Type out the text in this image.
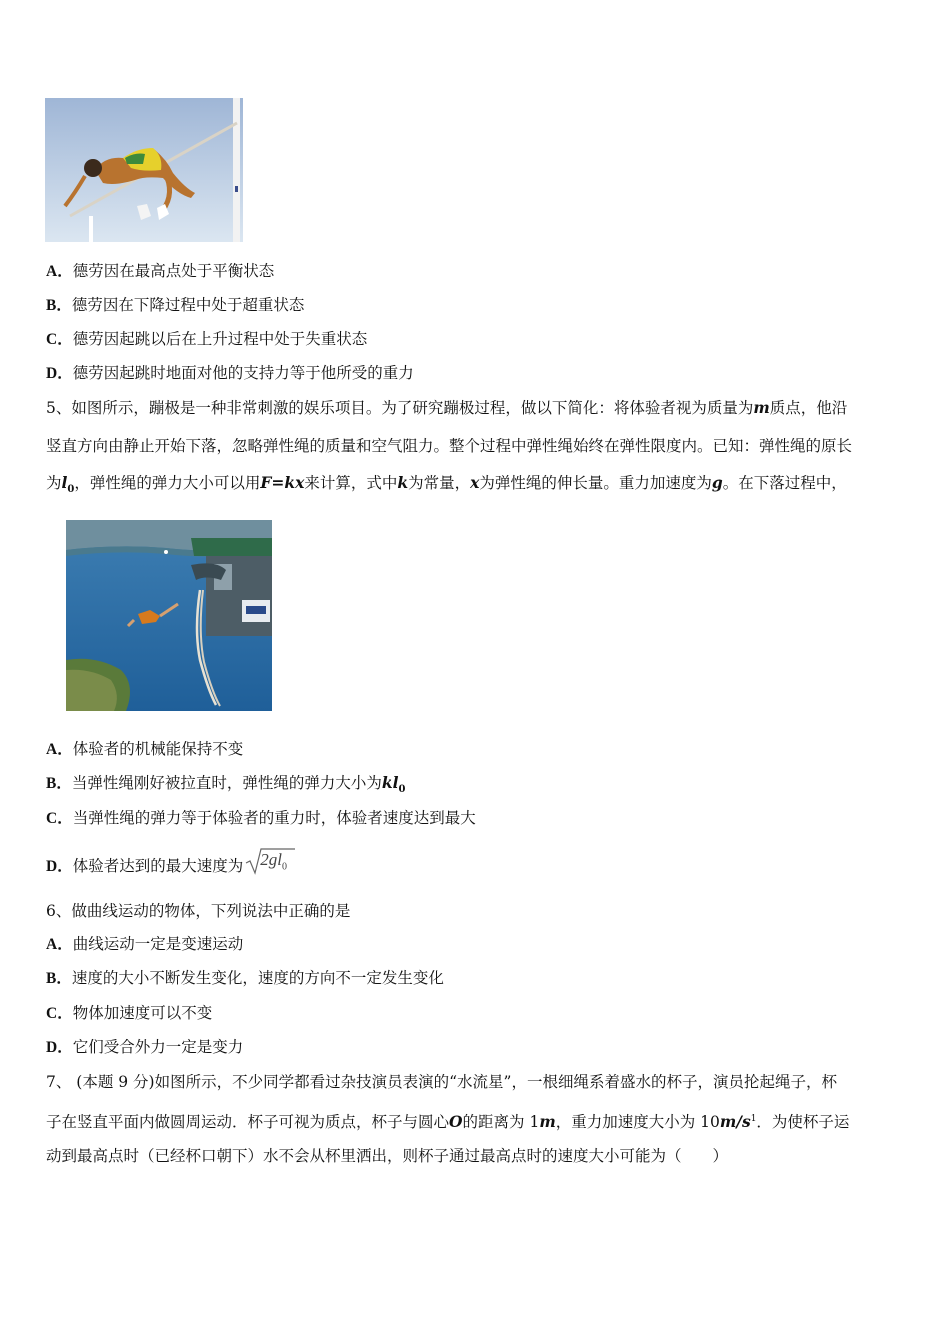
A．德劳因在最高点处于平衡状态
B．德劳因在下降过程中处于超重状态
C．德劳因起跳以后在上升过程中处于失重状态
D．德劳因起跳时地面对他的支持力等于他所受的重力
5、如图所示，蹦极是一种非常刺激的娱乐项目。为了研究蹦极过程，做以下简化：将体验者视为质量为m质点，他沿
竖直方向由静止开始下落，忽略弹性绳的质量和空气阻力。整个过程中弹性绳始终在弹性限度内。已知：弹性绳的原长
为$l_0$，弹性绳的弹力大小可以用F=kx来计算，式中k为常量，x为弹性绳的伸长量。重力加速度为g。在下落过程中，
A．体验者的机械能保持不变
B．当弹性绳刚好被拉直时，弹性绳的弹力大小为$kl_0$
C．当弹性绳的弹力等于体验者的重力时，体验者速度达到最大
D．体验者达到的最大速度为 $2gl_0$
6、做曲线运动的物体，下列说法中正确的是
A．曲线运动一定是变速运动
B．速度的大小不断发生变化，速度的方向不一定发生变化
C．物体加速度可以不变
D．它们受合外力一定是变力
7、 (本题 9 分)如图所示，不少同学都看过杂技演员表演的“水流星”，一根细绳系着盛水的杯子，演员抡起绳子，杯
子在竖直平面内做圆周运动．杯子可视为质点，杯子与圆心O的距离为 1m，重力加速度大小为 $10m/s^1$．为使杯子运
动到最高点时（已经杯口朝下）水不会从杯里洒出，则杯子通过最高点时的速度大小可能为（　　）
